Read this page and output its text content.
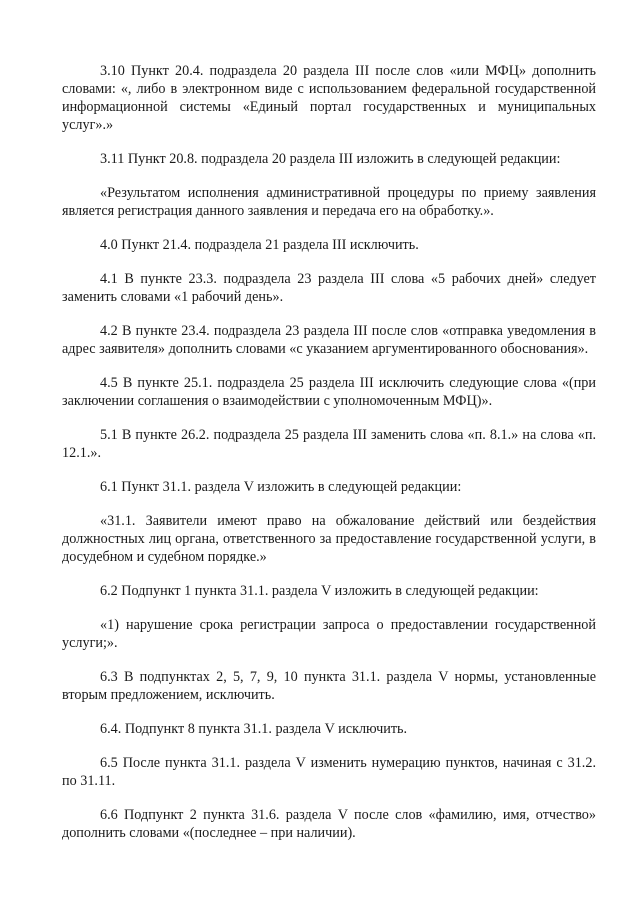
3.10 Пункт 20.4. подраздела 20 раздела III после слов «или МФЦ» дополнить словами: «, либо в электронном виде с использованием федеральной государственной информационной системы «Единый портал государственных и муниципальных услуг».»

3.11 Пункт 20.8. подраздела 20 раздела III изложить в следующей редакции:

«Результатом исполнения административной процедуры по приему заявления является регистрация данного заявления и передача его на обработку.».

4.0 Пункт 21.4. подраздела 21 раздела III исключить.

4.1 В пункте 23.3. подраздела 23 раздела III слова «5 рабочих дней» следует заменить словами «1 рабочий день».

4.2 В пункте 23.4. подраздела 23 раздела III после слов «отправка уведомления в адрес заявителя» дополнить словами «с указанием аргументированного обоснования».

4.5 В пункте 25.1. подраздела 25 раздела III исключить следующие слова «(при заключении соглашения о взаимодействии с уполномоченным МФЦ)».

5.1 В пункте 26.2. подраздела 25 раздела III заменить слова «п. 8.1.» на слова «п. 12.1.».

6.1 Пункт 31.1. раздела V изложить в следующей редакции:

«31.1. Заявители имеют право на обжалование действий или бездействия должностных лиц органа, ответственного за предоставление государственной услуги, в досудебном и судебном порядке.»

6.2 Подпункт 1 пункта 31.1. раздела V изложить в следующей редакции:

«1) нарушение срока регистрации запроса о предоставлении государственной услуги;».

6.3 В подпунктах 2, 5, 7, 9, 10 пункта 31.1. раздела V нормы, установленные вторым предложением, исключить.

6.4. Подпункт 8 пункта 31.1. раздела V исключить.

6.5 После пункта 31.1. раздела V изменить нумерацию пунктов, начиная с 31.2. по 31.11.

6.6 Подпункт 2 пункта 31.6. раздела V после слов «фамилию, имя, отчество» дополнить словами «(последнее – при наличии).
